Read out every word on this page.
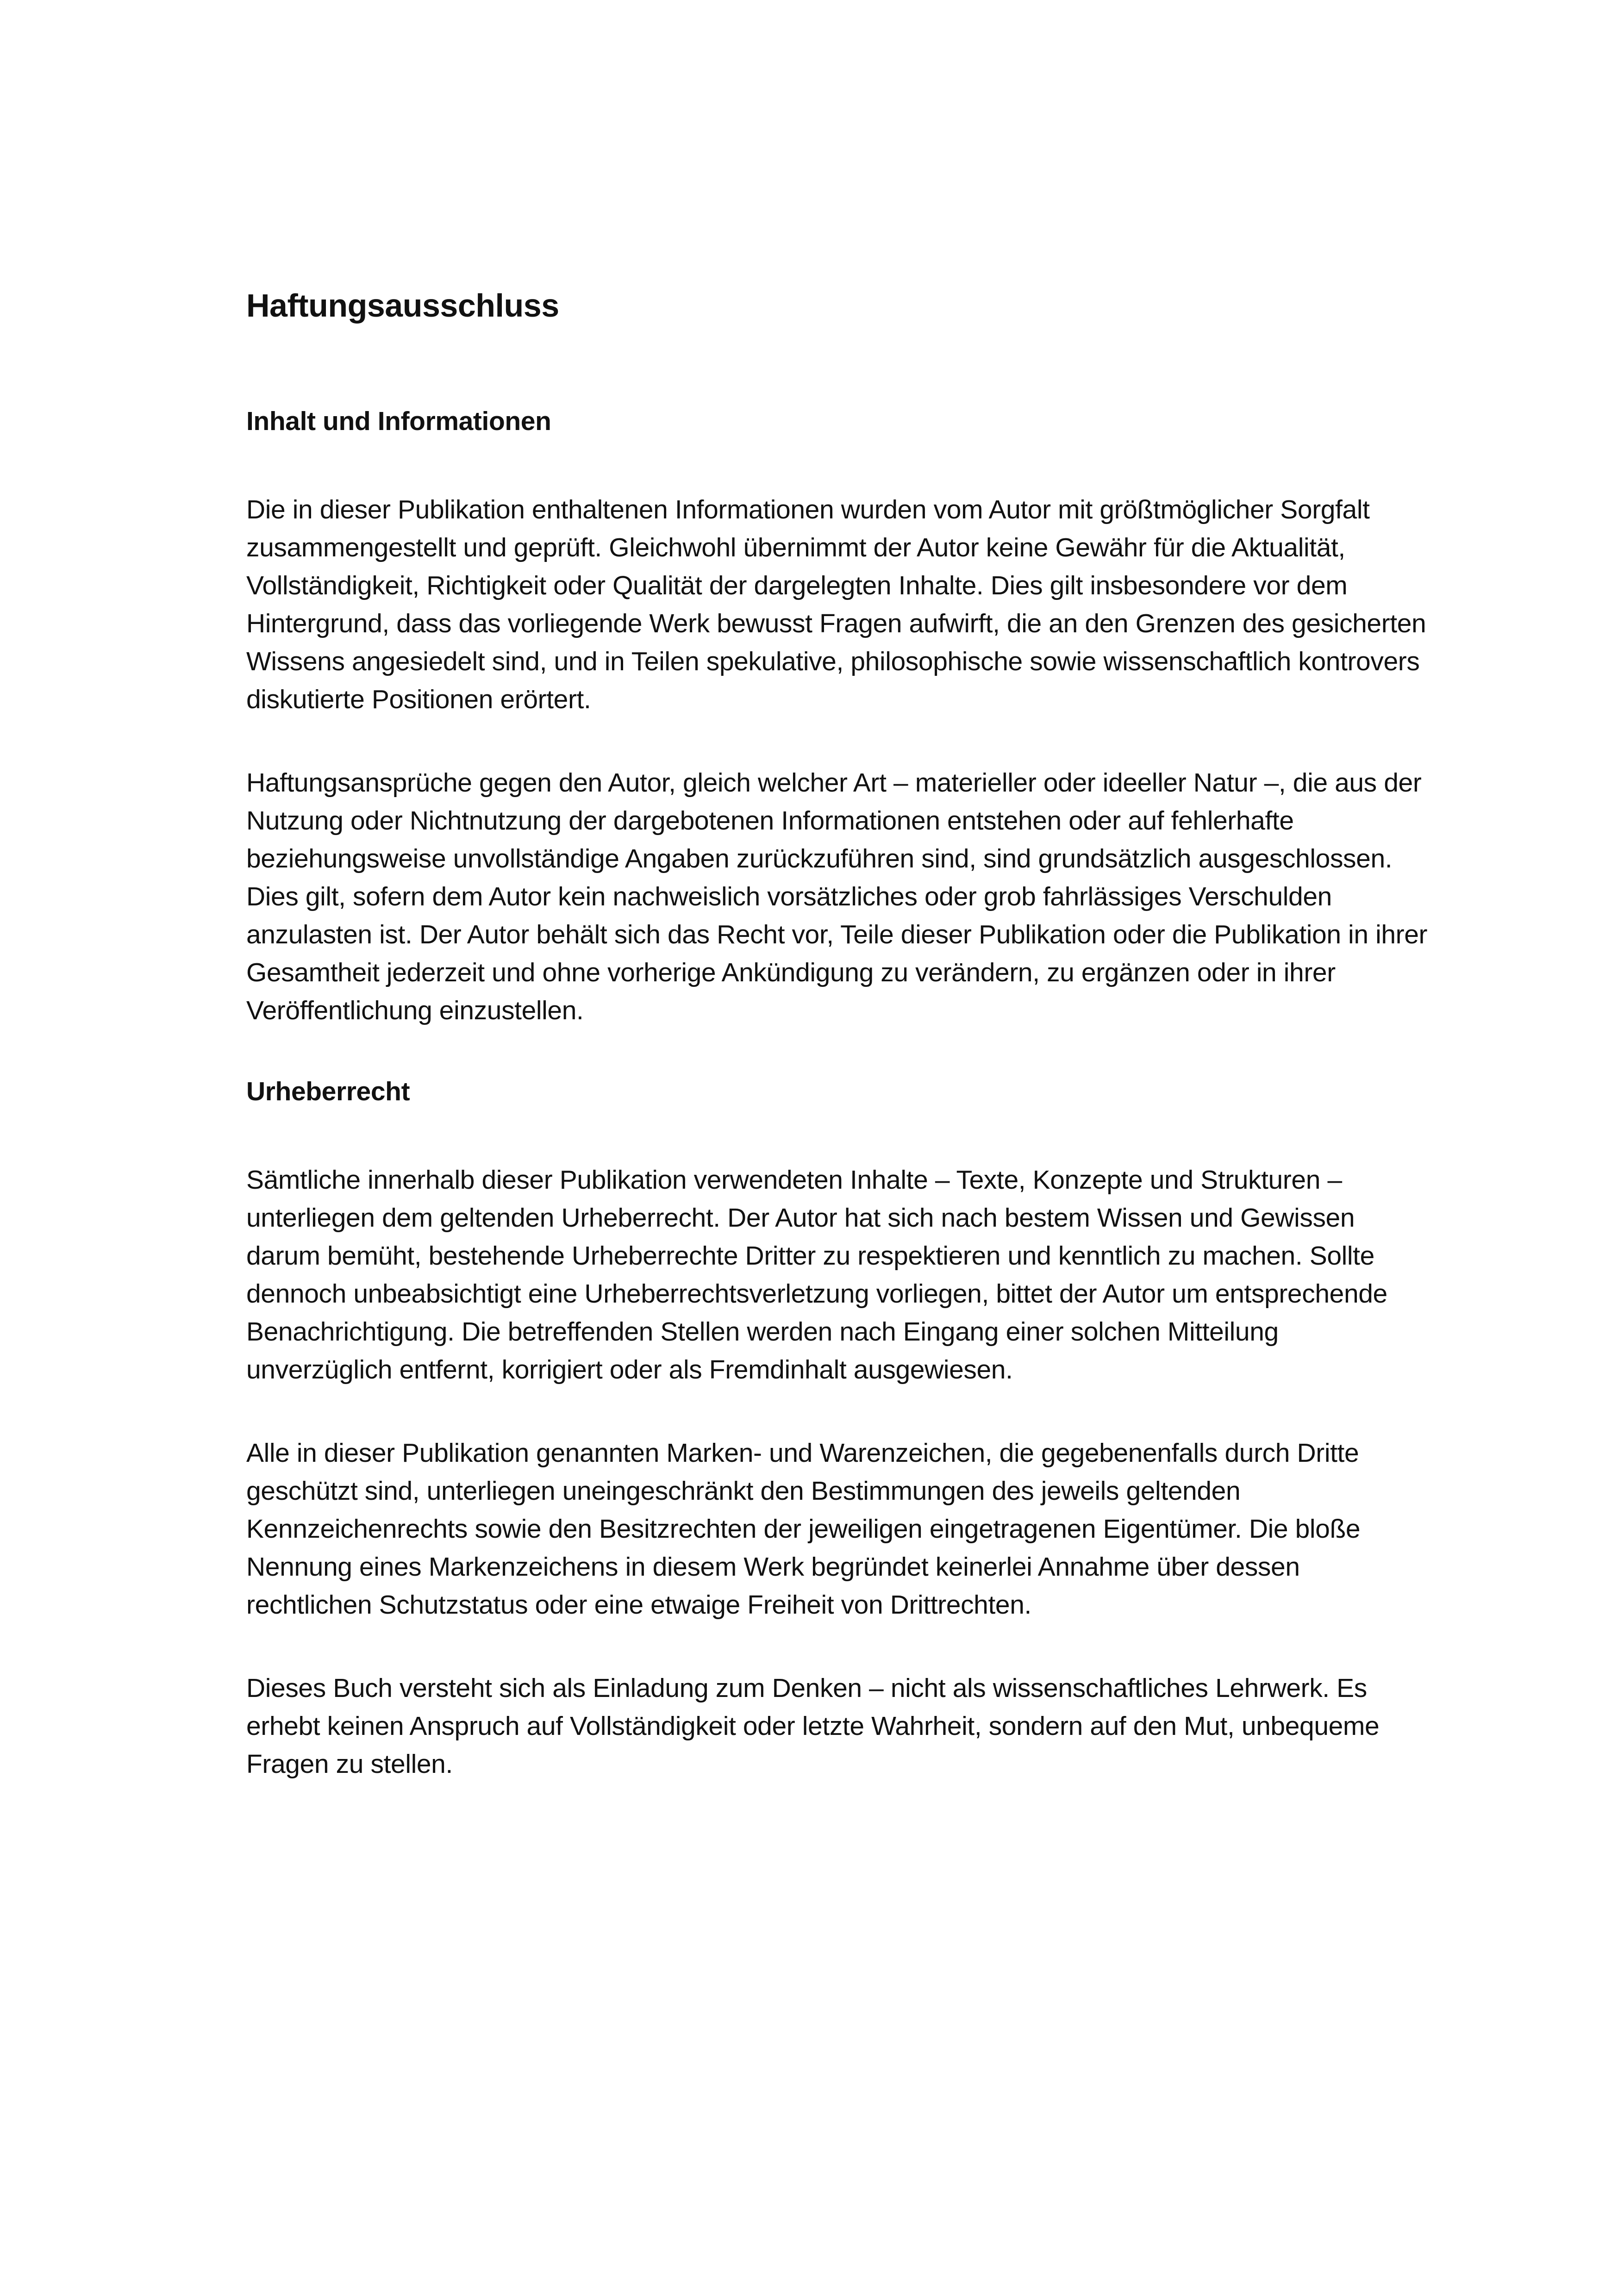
Haftungsausschluss
Inhalt und Informationen

Die in dieser Publikation enthaltenen Informationen wurden vom Autor mit größtmöglicher Sorgfalt zusammengestellt und geprüft. Gleichwohl übernimmt der Autor keine Gewähr für die Aktualität, Vollständigkeit, Richtigkeit oder Qualität der dargelegten Inhalte. Dies gilt insbesondere vor dem Hintergrund, dass das vorliegende Werk bewusst Fragen aufwirft, die an den Grenzen des gesicherten Wissens angesiedelt sind, und in Teilen spekulative, philosophische sowie wissenschaftlich kontrovers diskutierte Positionen erörtert.

Haftungsansprüche gegen den Autor, gleich welcher Art – materieller oder ideeller Natur –, die aus der Nutzung oder Nichtnutzung der dargebotenen Informationen entstehen oder auf fehlerhafte beziehungsweise unvollständige Angaben zurückzuführen sind, sind grundsätzlich ausgeschlossen. Dies gilt, sofern dem Autor kein nachweislich vorsätzliches oder grob fahrlässiges Verschulden anzulasten ist. Der Autor behält sich das Recht vor, Teile dieser Publikation oder die Publikation in ihrer Gesamtheit jederzeit und ohne vorherige Ankündigung zu verändern, zu ergänzen oder in ihrer Veröffentlichung einzustellen.

Urheberrecht

Sämtliche innerhalb dieser Publikation verwendeten Inhalte – Texte, Konzepte und Strukturen – unterliegen dem geltenden Urheberrecht. Der Autor hat sich nach bestem Wissen und Gewissen darum bemüht, bestehende Urheberrechte Dritter zu respektieren und kenntlich zu machen. Sollte dennoch unbeabsichtigt eine Urheberrechtsverletzung vorliegen, bittet der Autor um entsprechende Benachrichtigung. Die betreffenden Stellen werden nach Eingang einer solchen Mitteilung unverzüglich entfernt, korrigiert oder als Fremdinhalt ausgewiesen.

Alle in dieser Publikation genannten Marken- und Warenzeichen, die gegebenenfalls durch Dritte geschützt sind, unterliegen uneingeschränkt den Bestimmungen des jeweils geltenden Kennzeichenrechts sowie den Besitzrechten der jeweiligen eingetragenen Eigentümer. Die bloße Nennung eines Markenzeichens in diesem Werk begründet keinerlei Annahme über dessen rechtlichen Schutzstatus oder eine etwaige Freiheit von Drittrechten.

Dieses Buch versteht sich als Einladung zum Denken – nicht als wissenschaftliches Lehrwerk. Es erhebt keinen Anspruch auf Vollständigkeit oder letzte Wahrheit, sondern auf den Mut, unbequeme Fragen zu stellen.
